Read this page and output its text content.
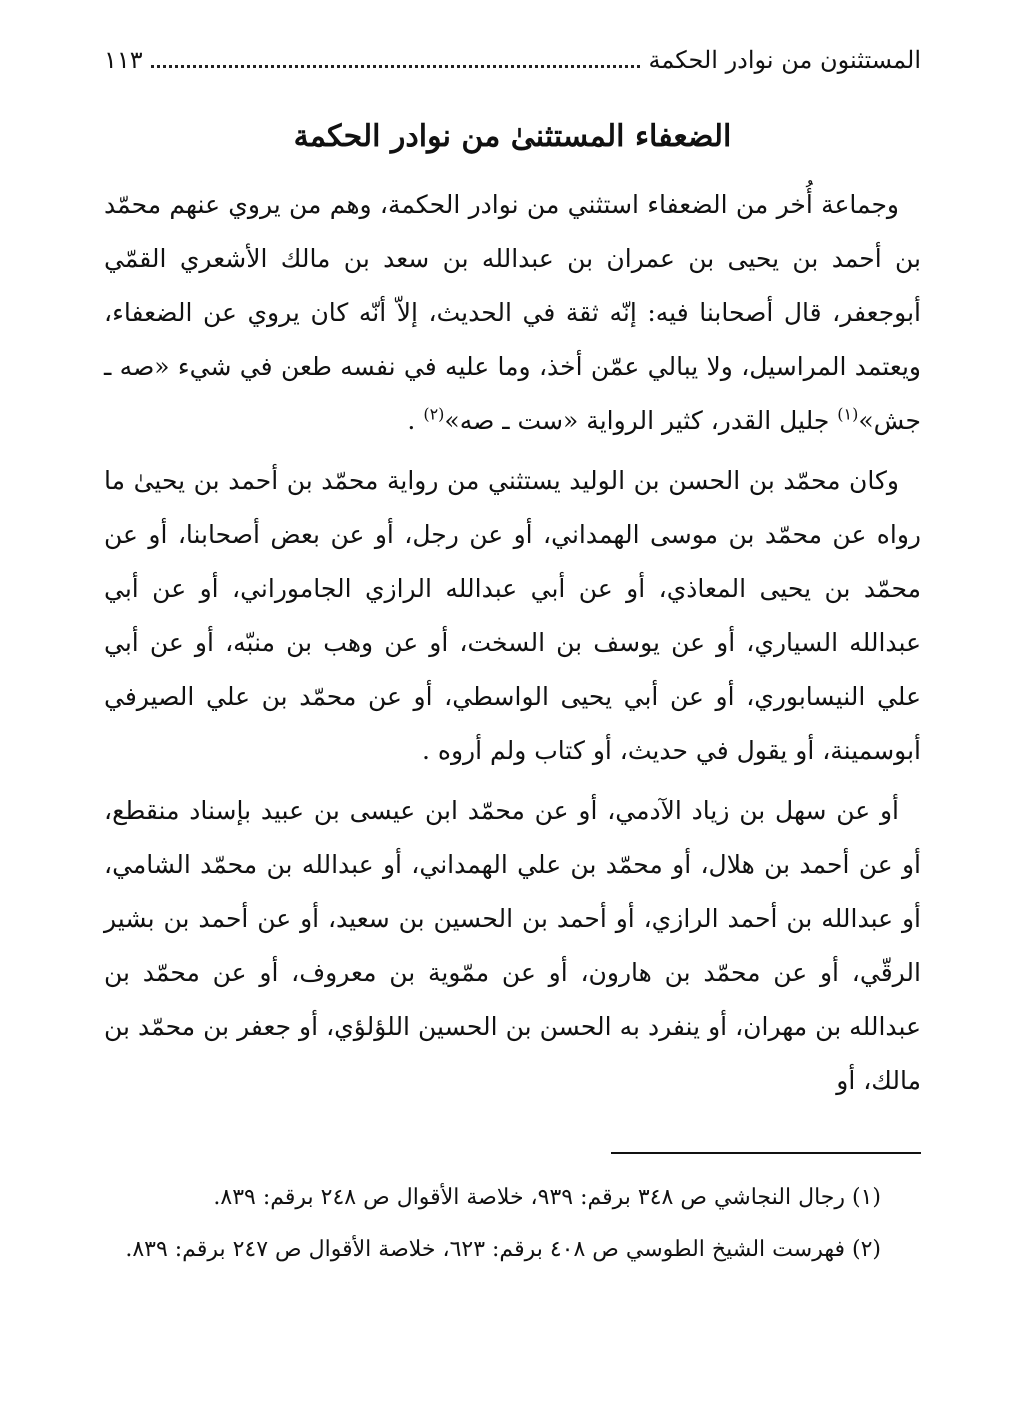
المستثنون من نوادر الحكمة
١١٣
الضعفاء المستثنىٰ من نوادر الحكمة

وجماعة أُخر من الضعفاء استثني من نوادر الحكمة، وهم من يروي عنهم محمّد بن أحمد بن يحيى بن عمران بن عبدالله بن سعد بن مالك الأشعري القمّي أبوجعفر، قال أصحابنا فيه: إنّه ثقة في الحديث، إلاّ أنّه كان يروي عن الضعفاء، ويعتمد المراسيل، ولا يبالي عمّن أخذ، وما عليه في نفسه طعن في شيء «صه ـ جش»$^{(١)}$ جليل القدر، كثير الرواية «ست ـ صه»$^{(٢)}$ .

وكان محمّد بن الحسن بن الوليد يستثني من رواية محمّد بن أحمد بن يحيىٰ ما رواه عن محمّد بن موسى الهمداني، أو عن رجل، أو عن بعض أصحابنا، أو عن محمّد بن يحيى المعاذي، أو عن أبي عبدالله الرازي الجاموراني، أو عن أبي عبدالله السياري، أو عن يوسف بن السخت، أو عن وهب بن منبّه، أو عن أبي علي النيسابوري، أو عن أبي يحيى الواسطي، أو عن محمّد بن علي الصيرفي أبوسمينة، أو يقول في حديث، أو كتاب ولم أروه .

أو عن سهل بن زياد الآدمي، أو عن محمّد ابن عيسى بن عبيد بإسناد منقطع، أو عن أحمد بن هلال، أو محمّد بن علي الهمداني، أو عبدالله بن محمّد الشامي، أو عبدالله بن أحمد الرازي، أو أحمد بن الحسين بن سعيد، أو عن أحمد بن بشير الرقّي، أو عن محمّد بن هارون، أو عن ممّوية بن معروف، أو عن محمّد بن عبدالله بن مهران، أو ينفرد به الحسن بن الحسين اللؤلؤي، أو جعفر بن محمّد بن مالك، أو

(١) رجال النجاشي ص ٣٤٨ برقم: ٩٣٩، خلاصة الأقوال ص ٢٤٨ برقم: ٨٣٩.

(٢) فهرست الشيخ الطوسي ص ٤٠٨ برقم: ٦٢٣، خلاصة الأقوال ص ٢٤٧ برقم: ٨٣٩.
